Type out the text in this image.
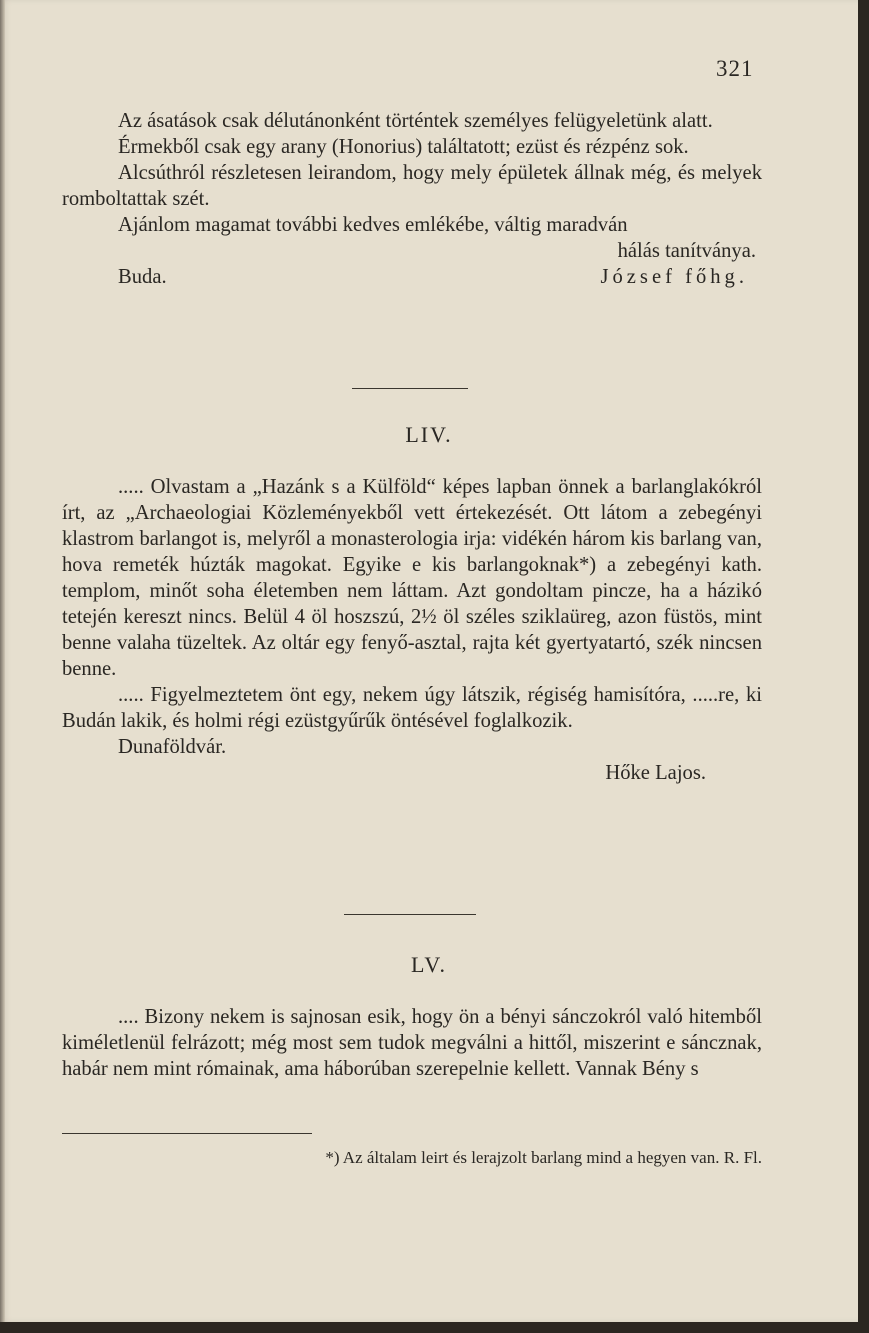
321

Az ásatások csak délutánonként történtek személyes felügyeletünk alatt.

Érmekből csak egy arany (Honorius) találtatott; ezüst és rézpénz sok.

Alcsúthról részletesen leirandom, hogy mely épületek állnak még, és melyek romboltattak szét.

Ajánlom magamat további kedves emlékébe, váltig maradván

hálás tanítványa.

Buda.	József főhg.
LIV.

..... Olvastam a „Hazánk s a Külföld“ képes lapban önnek a barlanglakókról írt, az „Archaeologiai Közleményekből vett értekezését. Ott látom a zebegényi klastrom barlangot is, melyről a monasterologia irja: vidékén három kis barlang van, hova remeték húzták magokat. Egyike e kis barlangoknak*) a zebegényi kath. templom, minőt soha életemben nem láttam. Azt gondoltam pincze, ha a házikó tetején kereszt nincs. Belül 4 öl hoszszú, 2½ öl széles sziklaüreg, azon füstös, mint benne valaha tüzeltek. Az oltár egy fenyő-asztal, rajta két gyertyatartó, szék nincsen benne.

..... Figyelmeztetem önt egy, nekem úgy látszik, régiség hamisítóra, .....re, ki Budán lakik, és holmi régi ezüstgyűrűk öntésével foglalkozik.

Dunaföldvár.

Hőke Lajos.

LV.

.... Bizony nekem is sajnosan esik, hogy ön a bényi sánczokról való hitemből kiméletlenül felrázott; még most sem tudok megválni a hittől, miszerint e sáncznak, habár nem mint rómainak, ama háborúban szerepelnie kellett. Vannak Bény s

*) Az általam leirt és lerajzolt barlang mind a hegyen van. R. Fl.
